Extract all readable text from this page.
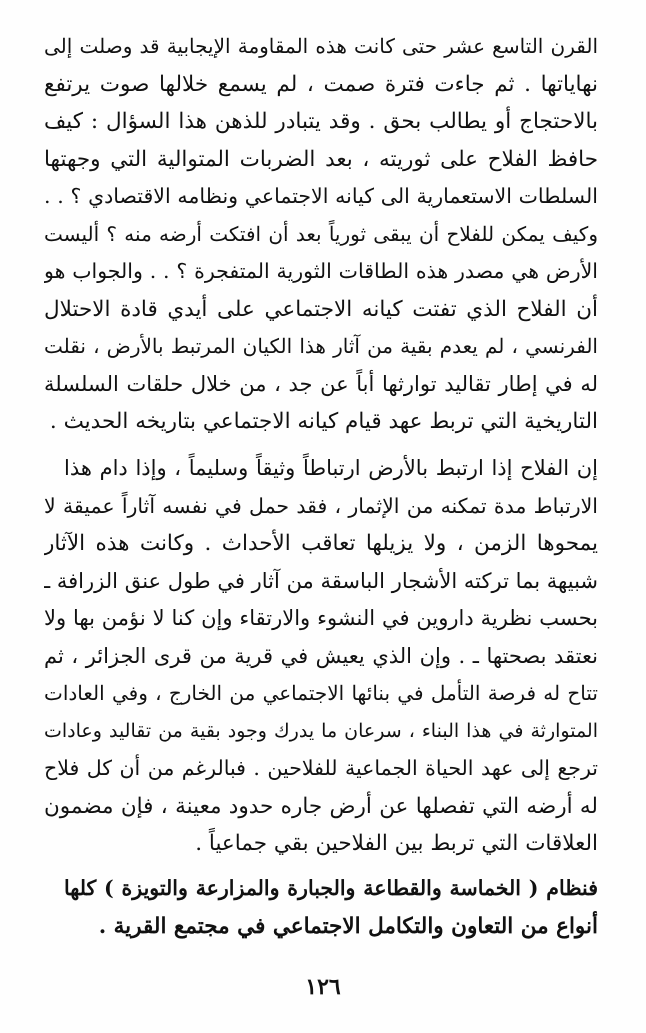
القرن التاسع عشر حتى كانت هذه المقاومة الإيجابية قد وصلت إلى
نهاياتها . ثم جاءت فترة صمت ، لم يسمع خلالها صوت يرتفع
بالاحتجاج أو يطالب بحق . وقد يتبادر للذهن هذا السؤال : كيف
حافظ الفلاح على ثوريته ، بعد الضربات المتوالية التي وجهتها
السلطات الاستعمارية الى كيانه الاجتماعي ونظامه الاقتصادي ؟ . .
وكيف يمكن للفلاح أن يبقى ثورياً بعد أن افتكت أرضه منه ؟ أليست
الأرض هي مصدر هذه الطاقات الثورية المتفجرة ؟ . . والجواب هو
أن الفلاح الذي تفتت كيانه الاجتماعي على أيدي قادة الاحتلال
الفرنسي ، لم يعدم بقية من آثار هذا الكيان المرتبط بالأرض ، نقلت
له في إطار تقاليد توارثها أباً عن جد ، من خلال حلقات السلسلة
التاريخية التي تربط عهد قيام كيانه الاجتماعي بتاريخه الحديث .
إن الفلاح إذا ارتبط بالأرض ارتباطاً وثيقاً وسليماً ، وإذا دام هذا
الارتباط مدة تمكنه من الإثمار ، فقد حمل في نفسه آثاراً عميقة لا
يمحوها الزمن ، ولا يزيلها تعاقب الأحداث . وكانت هذه الآثار
شبيهة بما تركته الأشجار الباسقة من آثار في طول عنق الزرافة ـ
بحسب نظرية داروين في النشوء والارتقاء وإن كنا لا نؤمن بها ولا
نعتقد بصحتها ـ . وإن الذي يعيش في قرية من قرى الجزائر ، ثم
تتاح له فرصة التأمل في بنائها الاجتماعي من الخارج ، وفي العادات
المتوارثة في هذا البناء ، سرعان ما يدرك وجود بقية من تقاليد وعادات
ترجع إلى عهد الحياة الجماعية للفلاحين . فبالرغم من أن كل فلاح
له أرضه التي تفصلها عن أرض جاره حدود معينة ، فإن مضمون
العلاقات التي تربط بين الفلاحين بقي جماعياً .
فنظام ( الخماسة والقطاعة والجبارة والمزارعة والتويزة ) كلها
أنواع من التعاون والتكامل الاجتماعي في مجتمع القرية .
١٢٦
